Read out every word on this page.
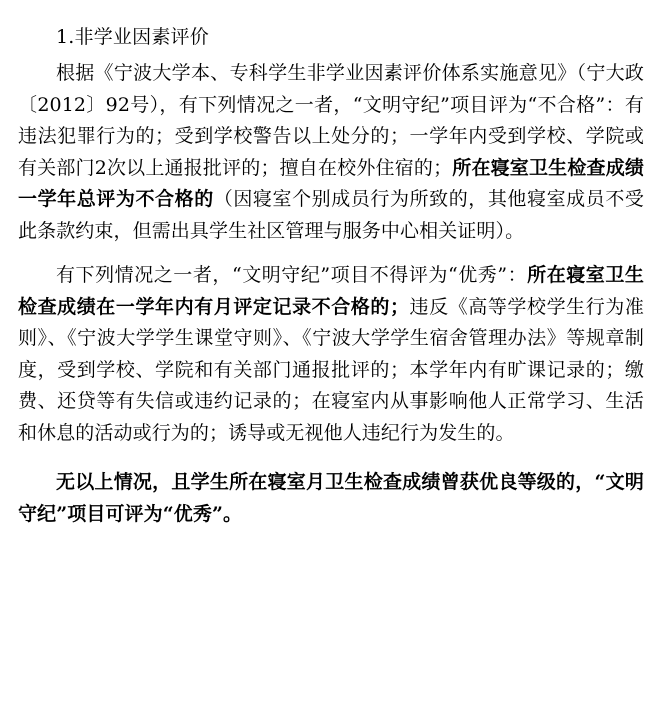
1.非学业因素评价

根据《宁波大学本、专科学生非学业因素评价体系实施意见》（宁大政〔2012〕92号），有下列情况之一者，“文明守纪”项目评为“不合格”：有违法犯罪行为的；受到学校警告以上处分的；一学年内受到学校、学院或有关部门2次以上通报批评的；擅自在校外住宿的；所在寝室卫生检查成绩一学年总评为不合格的（因寝室个别成员行为所致的，其他寝室成员不受此条款约束，但需出具学生社区管理与服务中心相关证明）。

有下列情况之一者，“文明守纪”项目不得评为“优秀”：所在寝室卫生检查成绩在一学年内有月评定记录不合格的；违反《高等学校学生行为准则》、《宁波大学学生课堂守则》、《宁波大学学生宿舍管理办法》等规章制度，受到学校、学院和有关部门通报批评的；本学年内有旷课记录的；缴费、还贷等有失信或违约记录的；在寝室内从事影响他人正常学习、生活和休息的活动或行为的；诱导或无视他人违纪行为发生的。

无以上情况，且学生所在寝室月卫生检查成绩曾获优良等级的，“文明守纪”项目可评为“优秀”。
